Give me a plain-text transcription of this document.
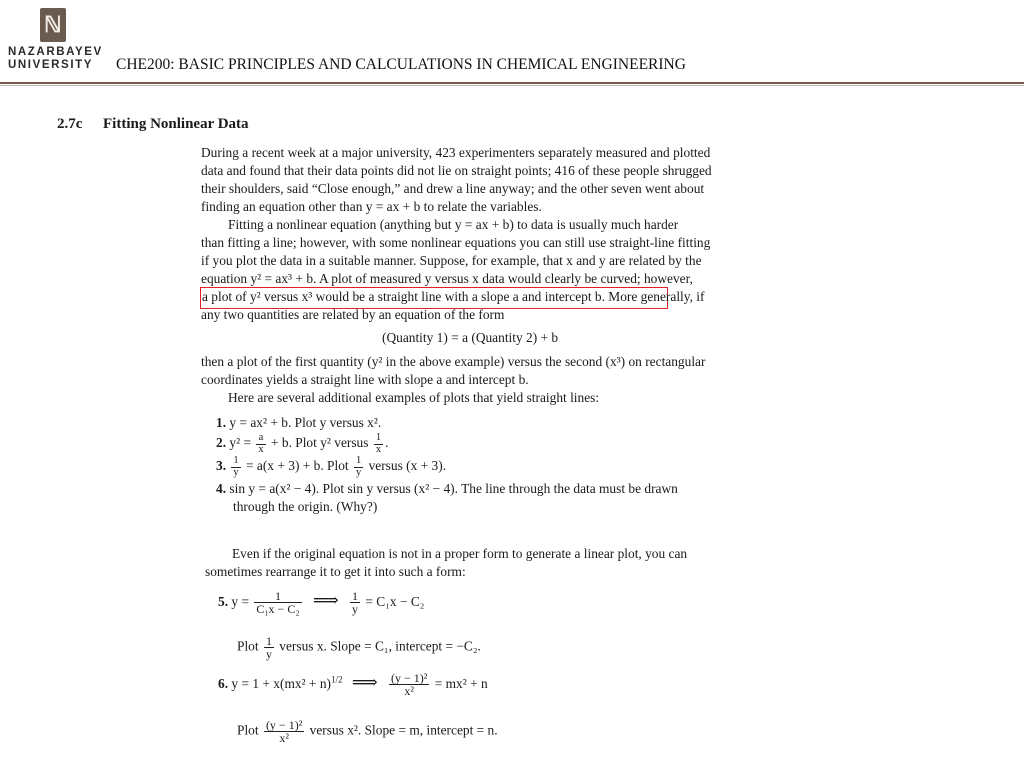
ℕ
NAZARBAYEV
UNIVERSITY	CHE200: BASIC PRINCIPLES AND CALCULATIONS IN CHEMICAL ENGINEERING
2.7c Fitting Nonlinear Data
During a recent week at a major university, 423 experimenters separately measured and plotted
data and found that their data points did not lie on straight points; 416 of these people shrugged
their shoulders, said “Close enough,” and drew a line anyway; and the other seven went about
finding an equation other than y = ax + b to relate the variables.
Fitting a nonlinear equation (anything but y = ax + b) to data is usually much harder
than fitting a line; however, with some nonlinear equations you can still use straight-line fitting
if you plot the data in a suitable manner. Suppose, for example, that x and y are related by the
equation y² = ax³ + b. A plot of measured y versus x data would clearly be curved; however,
a plot of y² versus x³ would be a straight line with a slope a and intercept b. More generally, if
any two quantities are related by an equation of the form
(Quantity 1) = a (Quantity 2) + b
then a plot of the first quantity (y² in the above example) versus the second (x³) on rectangular
coordinates yields a straight line with slope a and intercept b.
Here are several additional examples of plots that yield straight lines:
1. y = ax² + b. Plot y versus x².
2. $y^2 = \frac{a}{x} + b$. Plot y² versus $\frac{1}{x}$ .
3. $\frac{1}{y} = a(x + 3) + b$. Plot $\frac{1}{y}$ versus (x + 3).
4. sin y = a(x² − 4). Plot sin y versus (x² − 4). The line through the data must be drawn
through the origin. (Why?)
Even if the original equation is not in a proper form to generate a linear plot, you can
sometimes rearrange it to get it into such a form:
5. $y = \frac{1}{\text{C₁x − C₂}}$ ⟹ $\frac{1}{y} = C_1x - C_2$
Plot $\frac{1}{y}$ versus x. Slope = C₁, intercept = −C₂.
6. $y = 1 + x(mx^2 + n)^{1/2}$ ⟹ $\frac{\text{(y − 1)²}}{\text{x²}} = mx^2 + n$
Plot $\frac{\text{(y − 1)²}}{\text{x²}}$ versus x². Slope = m, intercept = n.
